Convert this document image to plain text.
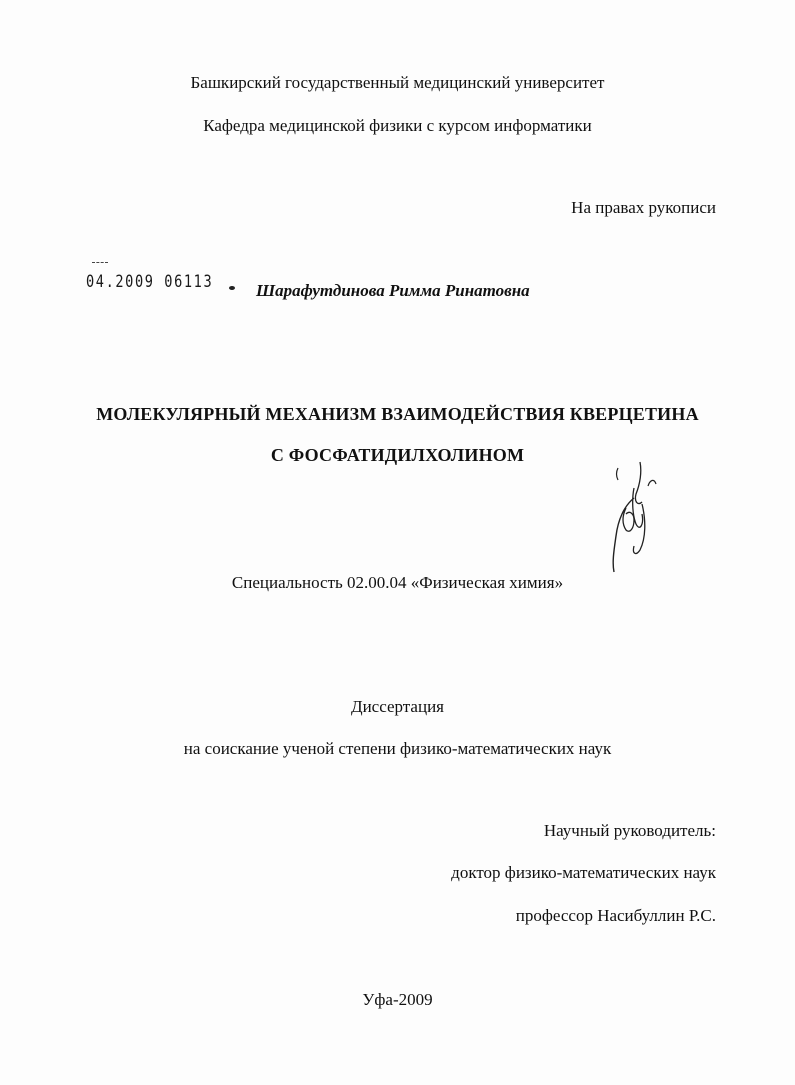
Башкирский государственный медицинский университет
Кафедра медицинской физики с курсом информатики
На правах рукописи
04.2009 06113	Шарафутдинова Римма Ринатовна
МОЛЕКУЛЯРНЫЙ МЕХАНИЗМ ВЗАИМОДЕЙСТВИЯ КВЕРЦЕТИНА
С ФОСФАТИДИЛХОЛИНОМ
Специальность 02.00.04 «Физическая химия»
Диссертация
на соискание ученой степени физико-математических наук
Научный руководитель:
доктор физико-математических наук
профессор Насибуллин Р.С.
Уфа-2009
